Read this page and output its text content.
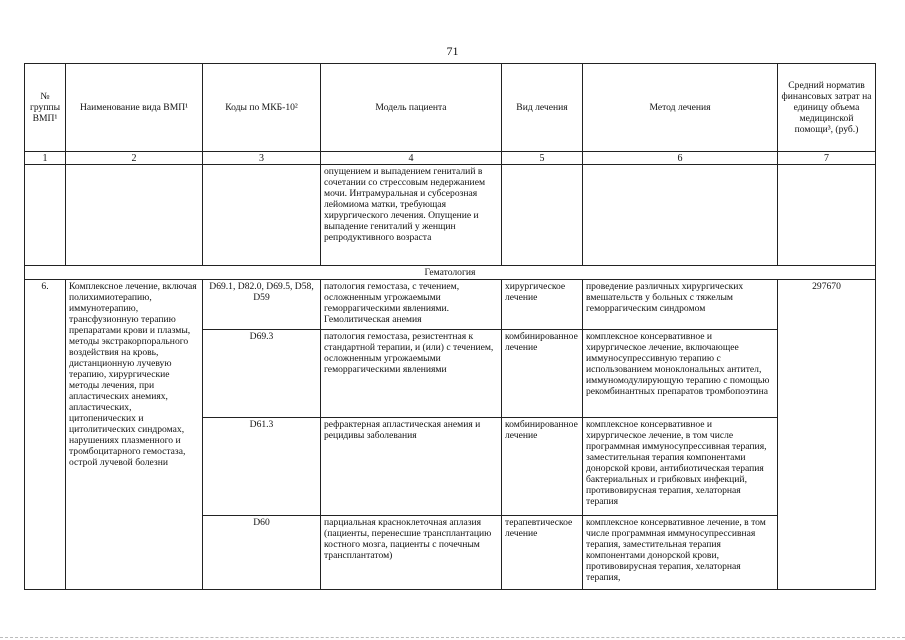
71
№ группы ВМП¹	Наименование вида ВМП¹	Коды по МКБ-10²	Модель пациента	Вид лечения	Метод лечения	Средний норматив финансовых затрат на единицу объема медицинской помощи³, (руб.)
1	2	3	4	5	6	7
			опущением и выпадением гениталий в сочетании со стрессовым недержанием мочи. Интрамуральная и субсерозная лейомиома матки, требующая хирургического лечения. Опущение и выпадение гениталий у женщин репродуктивного возраста			
Гематология						
6.	Комплексное лечение, включая полихимиотерапию, иммунотерапию, трансфузионную терапию препаратами крови и плазмы, методы экстракорпорального воздействия на кровь, дистанционную лучевую терапию, хирургические методы лечения, при апластических анемиях, апластических, цитопенических и цитолитических синдромах, нарушениях плазменного и тромбоцитарного гемостаза, острой лучевой болезни	D69.1, D82.0, D69.5, D58, D59	патология гемостаза, с течением, осложненным угрожаемыми геморрагическими явлениями. Гемолитическая анемия	хирургическое лечение	проведение различных хирургических вмешательств у больных с тяжелым геморрагическим синдромом	297670
		D69.3	патология гемостаза, резистентная к стандартной терапии, и (или) с течением, осложненным угрожаемыми геморрагическими явлениями	комбинированное лечение	комплексное консервативное и хирургическое лечение, включающее иммуносупрессивную терапию с использованием моноклональных антител, иммуномодулирующую терапию с помощью рекомбинантных препаратов тромбопоэтина	
		D61.3	рефрактерная апластическая анемия и рецидивы заболевания	комбинированное лечение	комплексное консервативное и хирургическое лечение, в том числе программная иммуносупрессивная терапия, заместительная терапия компонентами донорской крови, антибиотическая терапия бактериальных и грибковых инфекций, противовирусная терапия, хелаторная терапия	
		D60	парциальная красноклеточная аплазия (пациенты, перенесшие трансплантацию костного мозга, пациенты с почечным трансплантатом)	терапевтическое лечение	комплексное консервативное лечение, в том числе программная иммуносупрессивная терапия, заместительная терапия компонентами донорской крови, противовирусная терапия, хелаторная терапия,	
